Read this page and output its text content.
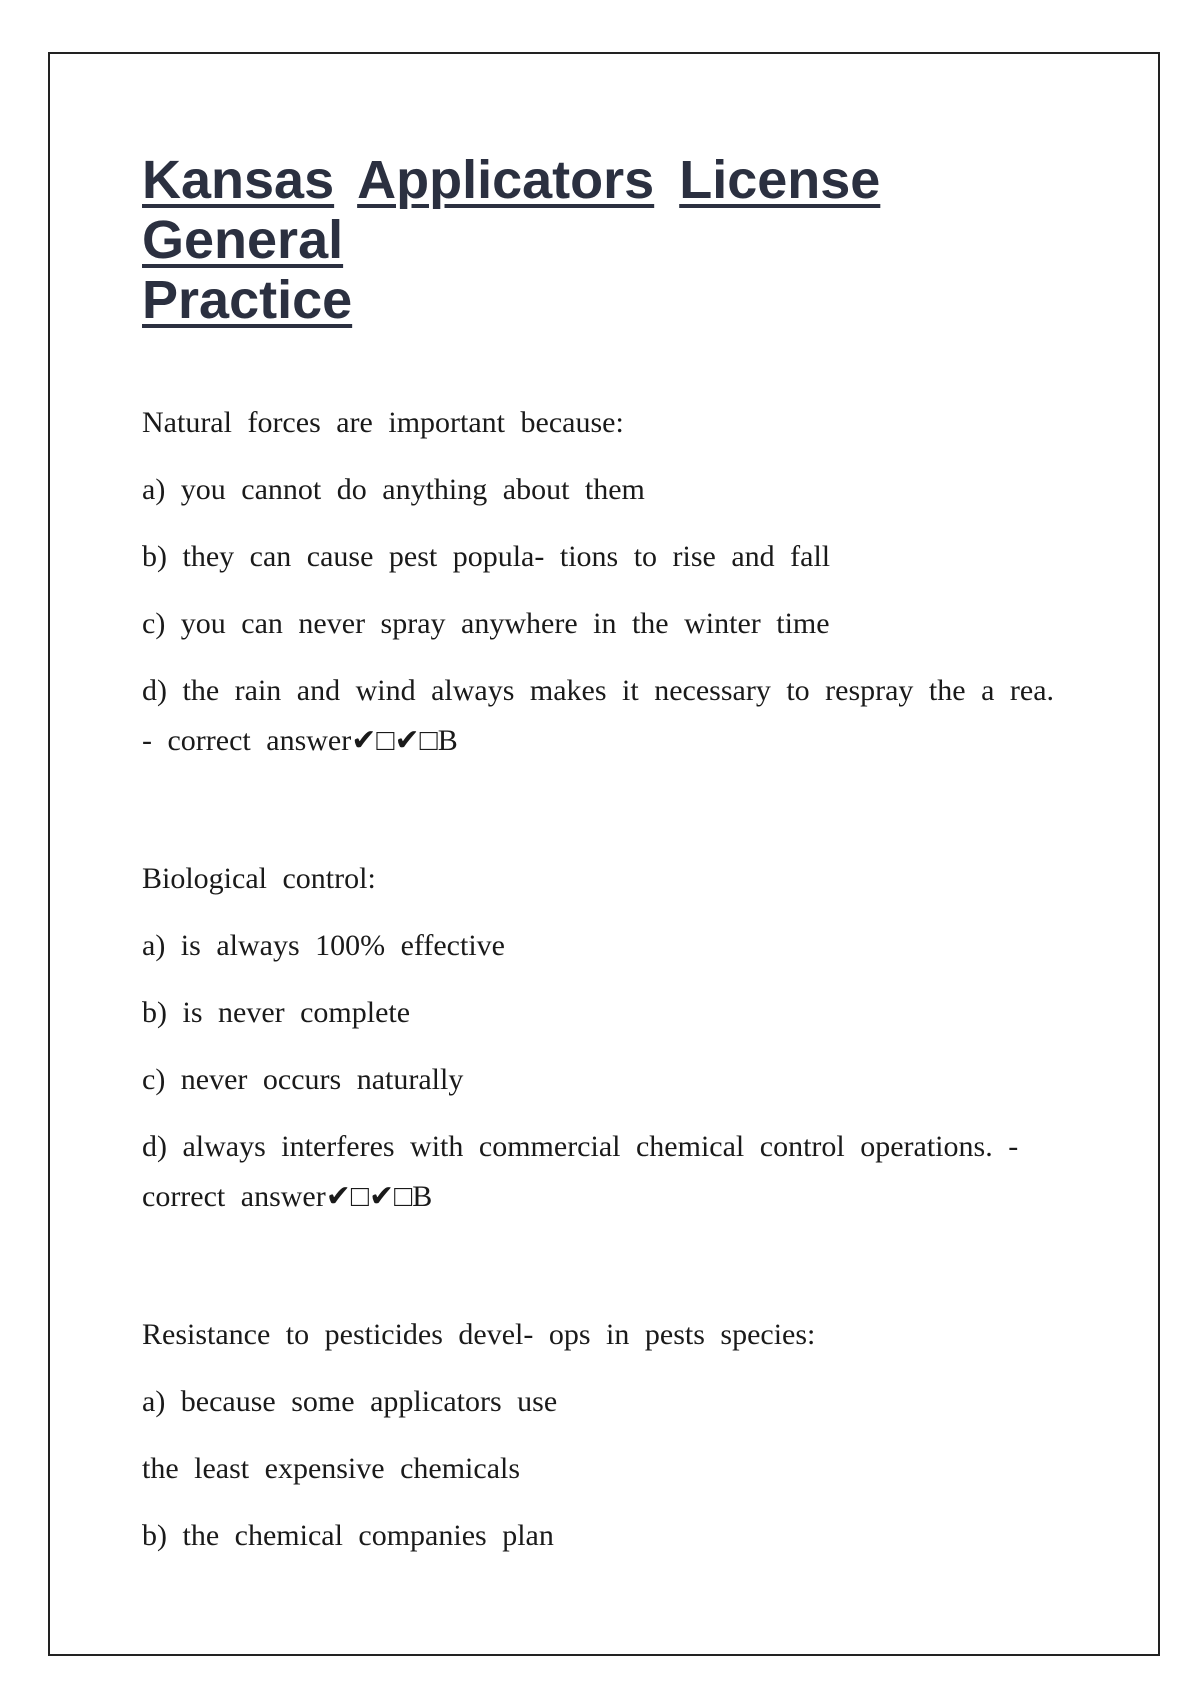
Kansas Applicators License General
Practice

Natural forces are important because:

a) you cannot do anything about them

b) they can cause pest popula- tions to rise and fall

c) you can never spray anywhere in the winter time

d) the rain and wind always makes it necessary to respray the a rea. - correct answer✔□✔□B

Biological control:

a) is always 100% effective

b) is never complete

c) never occurs naturally

d) always interferes with commercial chemical control operations. - correct answer✔□✔□B

Resistance to pesticides devel- ops in pests species:

a) because some applicators use

the least expensive chemicals

b) the chemical companies plan
